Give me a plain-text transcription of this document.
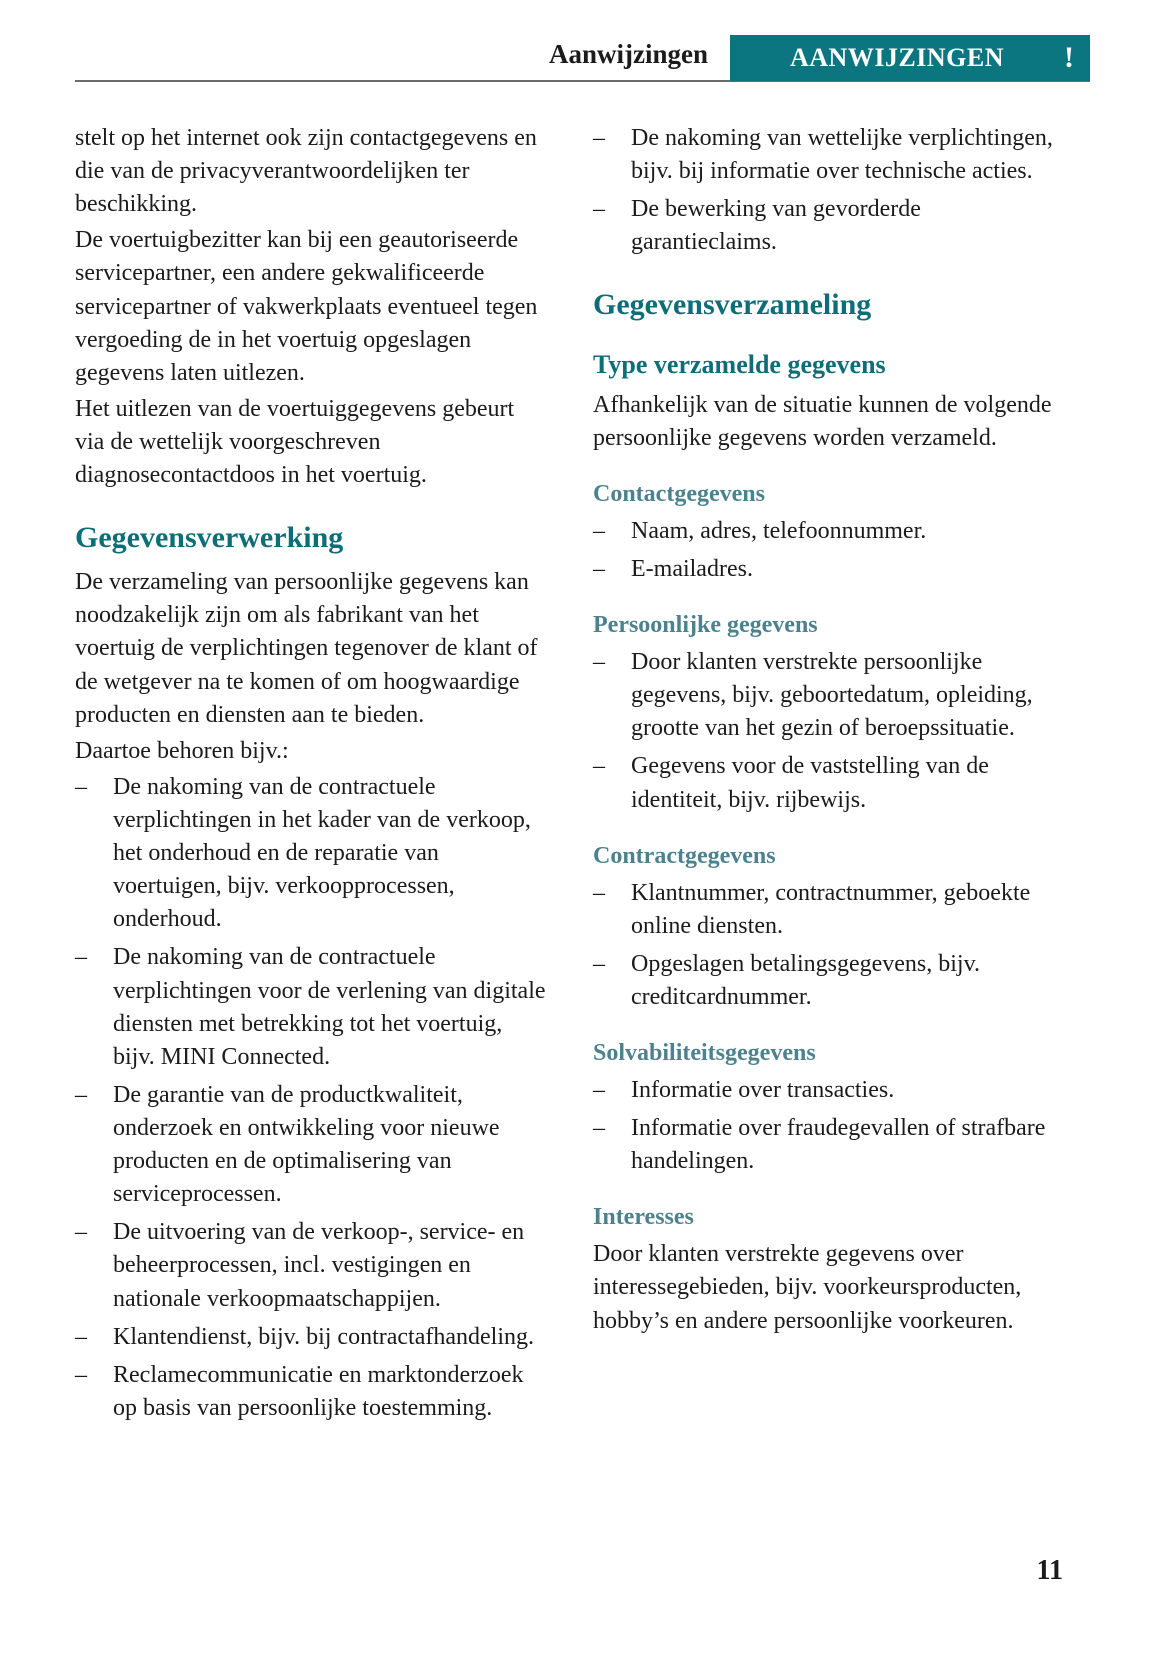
Aanwijzingen	AANWIJZINGEN	!

stelt op het internet ook zijn contactgegevens en die van de privacyverantwoordelijken ter beschikking.

De voertuigbezitter kan bij een geautoriseerde servicepartner, een andere gekwalificeerde servicepartner of vakwerkplaats eventueel tegen vergoeding de in het voertuig opgeslagen gegevens laten uitlezen.

Het uitlezen van de voertuiggegevens gebeurt via de wettelijk voorgeschreven diagnosecontactdoos in het voertuig.

Gegevensverwerking

De verzameling van persoonlijke gegevens kan noodzakelijk zijn om als fabrikant van het voertuig de verplichtingen tegenover de klant of de wetgever na te komen of om hoogwaardige producten en diensten aan te bieden.

Daartoe behoren bijv.:

–	De nakoming van de contractuele verplichtingen in het kader van de verkoop, het onderhoud en de reparatie van voertuigen, bijv. verkoopprocessen, onderhoud.
–	De nakoming van de contractuele verplichtingen voor de verlening van digitale diensten met betrekking tot het voertuig, bijv. MINI Connected.
–	De garantie van de productkwaliteit, onderzoek en ontwikkeling voor nieuwe producten en de optimalisering van serviceprocessen.
–	De uitvoering van de verkoop-, service- en beheerprocessen, incl. vestigingen en nationale verkoopmaatschappijen.
–	Klantendienst, bijv. bij contractafhandeling.
–	Reclamecommunicatie en marktonderzoek op basis van persoonlijke toestemming.
–	De nakoming van wettelijke verplichtingen, bijv. bij informatie over technische acties.
–	De bewerking van gevorderde garantieclaims.
Gegevensverzameling
Type verzamelde gegevens

Afhankelijk van de situatie kunnen de volgende persoonlijke gegevens worden verzameld.

Contactgegevens
–	Naam, adres, telefoonnummer.
–	E-mailadres.
Persoonlijke gegevens
–	Door klanten verstrekte persoonlijke gegevens, bijv. geboortedatum, opleiding, grootte van het gezin of beroepssituatie.
–	Gegevens voor de vaststelling van de identiteit, bijv. rijbewijs.
Contractgegevens
–	Klantnummer, contractnummer, geboekte online diensten.
–	Opgeslagen betalingsgegevens, bijv. creditcardnummer.
Solvabiliteitsgegevens
–	Informatie over transacties.
–	Informatie over fraudegevallen of strafbare handelingen.
Interesses

Door klanten verstrekte gegevens over interessegebieden, bijv. voorkeursproducten, hobby’s en andere persoonlijke voorkeuren.

11
